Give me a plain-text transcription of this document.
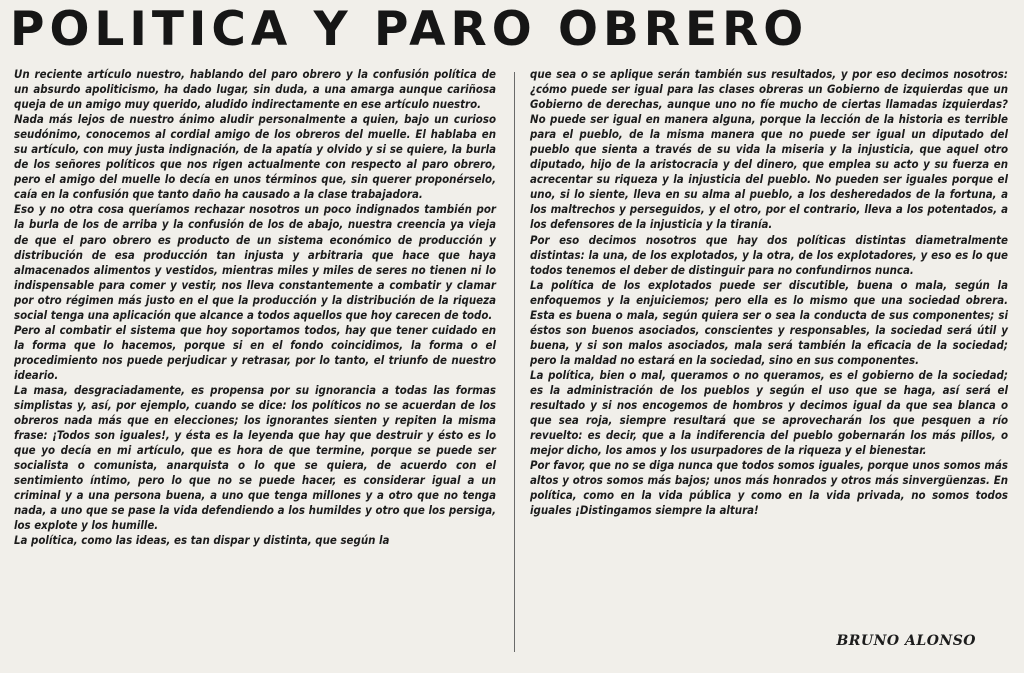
POLITICA Y PARO OBRERO

Un reciente artículo nuestro, hablando del paro obrero y la confusión política de un absurdo apoliticismo, ha dado lugar, sin duda, a una amarga aunque cariñosa queja de un amigo muy querido, aludido indirectamente en ese artículo nuestro.

Nada más lejos de nuestro ánimo aludir personalmente a quien, bajo un curioso seudónimo, conocemos al cordial amigo de los obreros del muelle. El hablaba en su artículo, con muy justa indignación, de la apatía y olvido y si se quiere, la burla de los señores políticos que nos rigen actualmente con respecto al paro obrero, pero el amigo del muelle lo decía en unos términos que, sin querer proponérselo, caía en la confusión que tanto daño ha causado a la clase trabajadora.

Eso y no otra cosa queríamos rechazar nosotros un poco indignados también por la burla de los de arriba y la confusión de los de abajo, nuestra creencia ya vieja de que el paro obrero es producto de un sistema económico de producción y distribución de esa producción tan injusta y arbitraria que hace que haya almacenados alimentos y vestidos, mientras miles y miles de seres no tienen ni lo indispensable para comer y vestir, nos lleva constantemente a combatir y clamar por otro régimen más justo en el que la producción y la distribución de la riqueza social tenga una aplicación que alcance a todos aquellos que hoy carecen de todo.

Pero al combatir el sistema que hoy soportamos todos, hay que tener cuidado en la forma que lo hacemos, porque si en el fondo coincidimos, la forma o el procedimiento nos puede perjudicar y retrasar, por lo tanto, el triunfo de nuestro ideario.

La masa, desgraciadamente, es propensa por su ignorancia a todas las formas simplistas y, así, por ejemplo, cuando se dice: los políticos no se acuerdan de los obreros nada más que en elecciones; los ignorantes sienten y repiten la misma frase: ¡Todos son iguales!, y ésta es la leyenda que hay que destruir y ésto es lo que yo decía en mi artículo, que es hora de que termine, porque se puede ser socialista o comunista, anarquista o lo que se quiera, de acuerdo con el sentimiento íntimo, pero lo que no se puede hacer, es considerar igual a un criminal y a una persona buena, a uno que tenga millones y a otro que no tenga nada, a uno que se pase la vida defendiendo a los humildes y otro que los persiga, los explote y los humille.

La política, como las ideas, es tan dispar y distinta, que según la

que sea o se aplique serán también sus resultados, y por eso decimos nosotros: ¿cómo puede ser igual para las clases obreras un Gobierno de izquierdas que un Gobierno de derechas, aunque uno no fíe mucho de ciertas llamadas izquierdas? No puede ser igual en manera alguna, porque la lección de la historia es terrible para el pueblo, de la misma manera que no puede ser igual un diputado del pueblo que sienta a través de su vida la miseria y la injusticia, que aquel otro diputado, hijo de la aristocracia y del dinero, que emplea su acto y su fuerza en acrecentar su riqueza y la injusticia del pueblo. No pueden ser iguales porque el uno, si lo siente, lleva en su alma al pueblo, a los desheredados de la fortuna, a los maltrechos y perseguidos, y el otro, por el contrario, lleva a los potentados, a los defensores de la injusticia y la tiranía.

Por eso decimos nosotros que hay dos políticas distintas diametralmente distintas: la una, de los explotados, y la otra, de los explotadores, y eso es lo que todos tenemos el deber de distinguir para no confundirnos nunca.

La política de los explotados puede ser discutible, buena o mala, según la enfoquemos y la enjuiciemos; pero ella es lo mismo que una sociedad obrera. Esta es buena o mala, según quiera ser o sea la conducta de sus componentes; si éstos son buenos asociados, conscientes y responsables, la sociedad será útil y buena, y si son malos asociados, mala será también la eficacia de la sociedad; pero la maldad no estará en la sociedad, sino en sus componentes.

La política, bien o mal, queramos o no queramos, es el gobierno de la sociedad; es la administración de los pueblos y según el uso que se haga, así será el resultado y si nos encogemos de hombros y decimos igual da que sea blanca o que sea roja, siempre resultará que se aprovecharán los que pesquen a río revuelto: es decir, que a la indiferencia del pueblo gobernarán los más pillos, o mejor dicho, los amos y los usurpadores de la riqueza y el bienestar.

Por favor, que no se diga nunca que todos somos iguales, porque unos somos más altos y otros somos más bajos; unos más honrados y otros más sinvergüenzas. En política, como en la vida pública y como en la vida privada, no somos todos iguales ¡Distingamos siempre la altura!

BRUNO ALONSO
